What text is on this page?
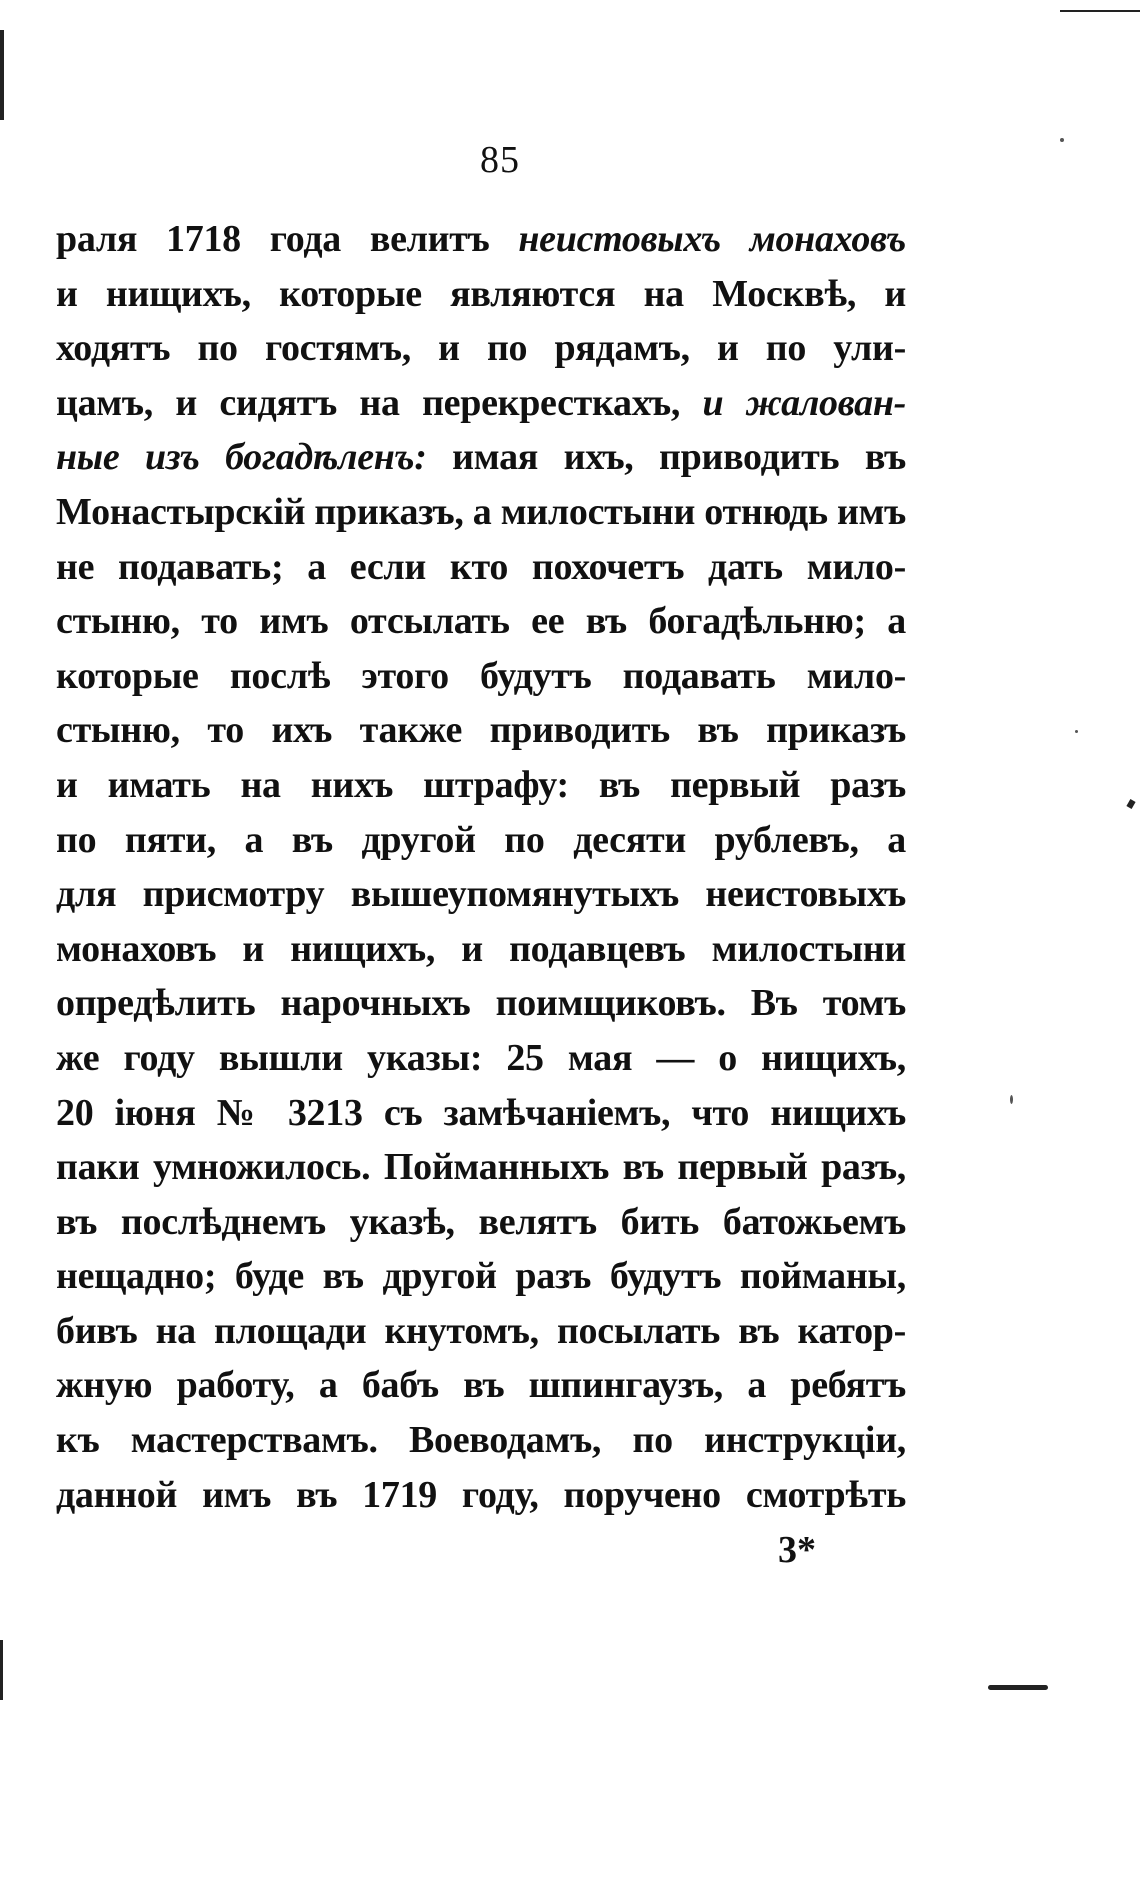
85
раля 1718 года велитъ неистовыхъ монаховъ
и нищихъ, которые являются на Москвѣ, и
ходятъ по гостямъ, и по рядамъ, и по ули-
цамъ, и сидятъ на перекресткахъ, и жалован-
ные изъ богадѣленъ: имая ихъ, приводить въ
Монастырскій приказъ, а милостыни отнюдь имъ
не подавать; а если кто похочетъ дать мило-
стыню, то имъ отсылать ее въ богадѣльню; а
которые послѣ этого будутъ подавать мило-
стыню, то ихъ также приводить въ приказъ
и имать на нихъ штрафу: въ первый разъ
по пяти, а въ другой по десяти рублевъ, а
для присмотру вышеупомянутыхъ неистовыхъ
монаховъ и нищихъ, и подавцевъ милостыни
опредѣлить нарочныхъ поимщиковъ. Въ томъ
же году вышли указы: 25 мая — о нищихъ,
20 іюня № 3213 съ замѣчаніемъ, что нищихъ
паки умножилось. Пойманныхъ въ первый разъ,
въ послѣднемъ указѣ, велятъ бить батожьемъ
нещадно; буде въ другой разъ будутъ пойманы,
бивъ на площади кнутомъ, посылать въ катор-
жную работу, а бабъ въ шпингаузъ, а ребятъ
къ мастерствамъ. Воеводамъ, по инструкціи,
данной имъ въ 1719 году, поручено смотрѣть
3*
